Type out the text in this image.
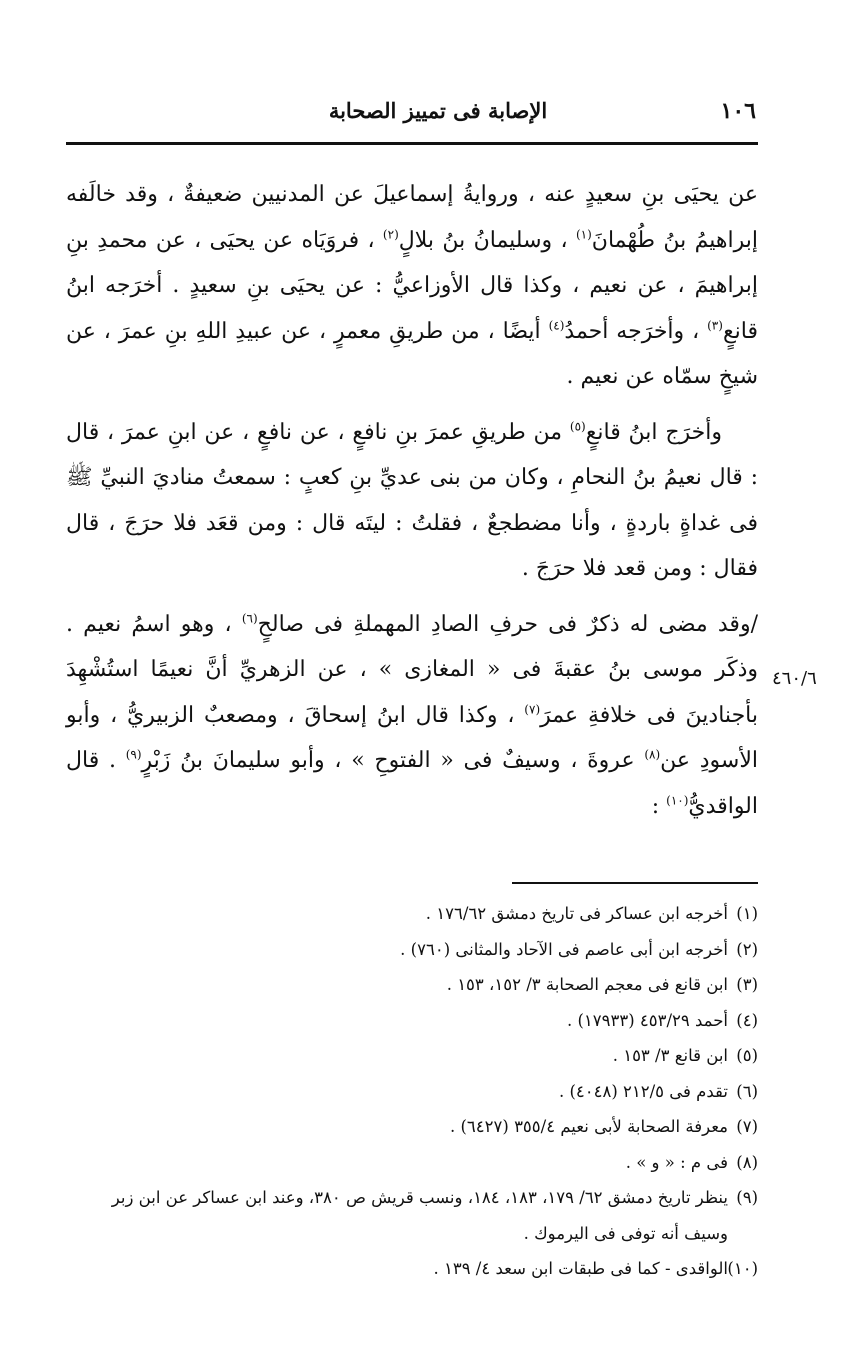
١٠٦
الإصابة فى تمييز الصحابة

عن يحيَى بنِ سعيدٍ عنه ، وروايةُ إسماعيلَ عن المدنيين ضعيفةٌ ، وقد خالَفه إبراهيمُ بنُ طُهْمانَ$^{(١)}$ ، وسليمانُ بنُ بلالٍ$^{(٢)}$ ، فروَيَاه عن يحيَى ، عن محمدِ بنِ إبراهيمَ ، عن نعيم ، وكذا قال الأوزاعيُّ : عن يحيَى بنِ سعيدٍ . أخرَجه ابنُ قانعٍ$^{(٣)}$ ، وأخرَجه أحمدُ$^{(٤)}$ أيضًا ، من طريقِ معمرٍ ، عن عبيدِ اللهِ بنِ عمرَ ، عن شيخٍ سمّاه عن نعيم .

وأخرَج ابنُ قانعٍ$^{(٥)}$ من طريقِ عمرَ بنِ نافعٍ ، عن نافعٍ ، عن ابنِ عمرَ ، قال : قال نعيمُ بنُ النحامِ ، وكان من بنى عديِّ بنِ كعبٍ : سمعتُ مناديَ النبيِّ ﷺ فى غداةٍ باردةٍ ، وأنا مضطجعٌ ، فقلتُ : ليتَه قال : ومن قعَد فلا حرَجَ ، قال فقال : ومن قعد فلا حرَجَ .

/وقد مضى له ذكرٌ فى حرفِ الصادِ المهملةِ فى صالحٍ$^{(٦)}$ ، وهو اسمُ نعيم . وذكَر موسى بنُ عقبةَ فى « المغازى » ، عن الزهريِّ أنَّ نعيمًا استُشْهِدَ بأجنادينَ فى خلافةِ عمرَ$^{(٧)}$ ، وكذا قال ابنُ إسحاقَ ، ومصعبٌ الزبيريُّ ، وأبو الأسودِ عن$^{(٨)}$ عروةَ ، وسيفٌ فى « الفتوحِ » ، وأبو سليمانَ بنُ زَبْرٍ$^{(٩)}$ . قال الواقديُّ$^{(١٠)}$ :

٤٦٠/٦

(١)أخرجه ابن عساكر فى تاريخ دمشق ١٧٦/٦٢ .

(٢)أخرجه ابن أبى عاصم فى الآحاد والمثانى (٧٦٠) .

(٣)ابن قانع فى معجم الصحابة ٣/ ١٥٢، ١٥٣ .

(٤)أحمد ٤٥٣/٢٩ (١٧٩٣٣) .

(٥)ابن قانع ٣/ ١٥٣ .

(٦)تقدم فى ٢١٢/٥ (٤٠٤٨) .

(٧)معرفة الصحابة لأبى نعيم ٣٥٥/٤ (٦٤٢٧) .

(٨)فى م : « و » .

(٩)ينظر تاريخ دمشق ٦٢/ ١٧٩، ١٨٣، ١٨٤، ونسب قريش ص ٣٨٠، وعند ابن عساكر عن ابن زبر وسيف أنه توفى فى اليرموك .

(١٠)الواقدى - كما فى طبقات ابن سعد ٤/ ١٣٩ .
